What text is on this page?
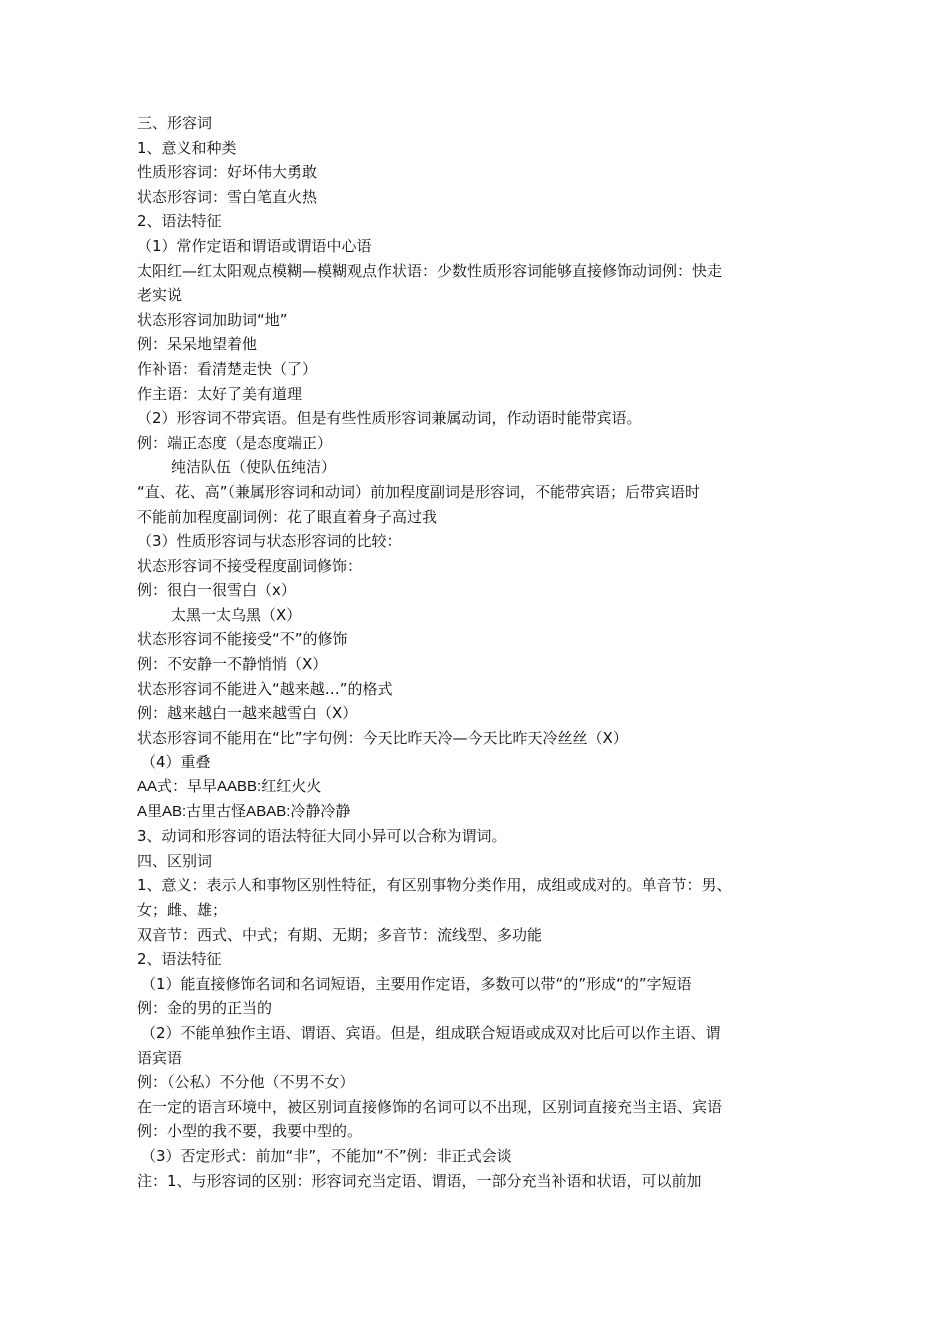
三、形容词
1、意义和种类
性质形容词：好坏伟大勇敢
状态形容词：雪白笔直火热
2、语法特征
（1）常作定语和谓语或谓语中心语
太阳红—红太阳观点模糊—模糊观点作状语：少数性质形容词能够直接修饰动词例：快走
老实说
状态形容词加助词“地”
例：呆呆地望着他
作补语：看清楚走快（了）
作主语：太好了美有道理
（2）形容词不带宾语。但是有些性质形容词兼属动词，作动语时能带宾语。
例：端正态度（是态度端正）
纯洁队伍（使队伍纯洁）
“直、花、高”（兼属形容词和动词）前加程度副词是形容词，不能带宾语；后带宾语时
不能前加程度副词例：花了眼直着身子高过我
（3）性质形容词与状态形容词的比较：
状态形容词不接受程度副词修饰：
例：很白一很雪白（x）
太黑一太乌黑（X）
状态形容词不能接受“不”的修饰
例：不安静一不静悄悄（X）
状态形容词不能进入“越来越…”的格式
例：越来越白一越来越雪白（X）
状态形容词不能用在“比”字句例：今天比昨天冷—今天比昨天冷丝丝（X）
（4）重叠
AA式：早早AABB:红红火火
A里AB:古里古怪ABAB:冷静冷静
3、动词和形容词的语法特征大同小异可以合称为谓词。
四、区别词
1、意义：表示人和事物区别性特征，有区别事物分类作用，成组或成对的。单音节：男、
女；雌、雄；
双音节：西式、中式；有期、无期；多音节：流线型、多功能
2、语法特征
（1）能直接修饰名词和名词短语，主要用作定语，多数可以带“的”形成“的”字短语
例：金的男的正当的
（2）不能单独作主语、谓语、宾语。但是，组成联合短语或成双对比后可以作主语、谓
语宾语
例：（公私）不分他（不男不女）
在一定的语言环境中，被区别词直接修饰的名词可以不出现，区别词直接充当主语、宾语
例：小型的我不要，我要中型的。
（3）否定形式：前加“非”，不能加“不”例：非正式会谈
注：1、与形容词的区别：形容词充当定语、谓语，一部分充当补语和状语，可以前加
